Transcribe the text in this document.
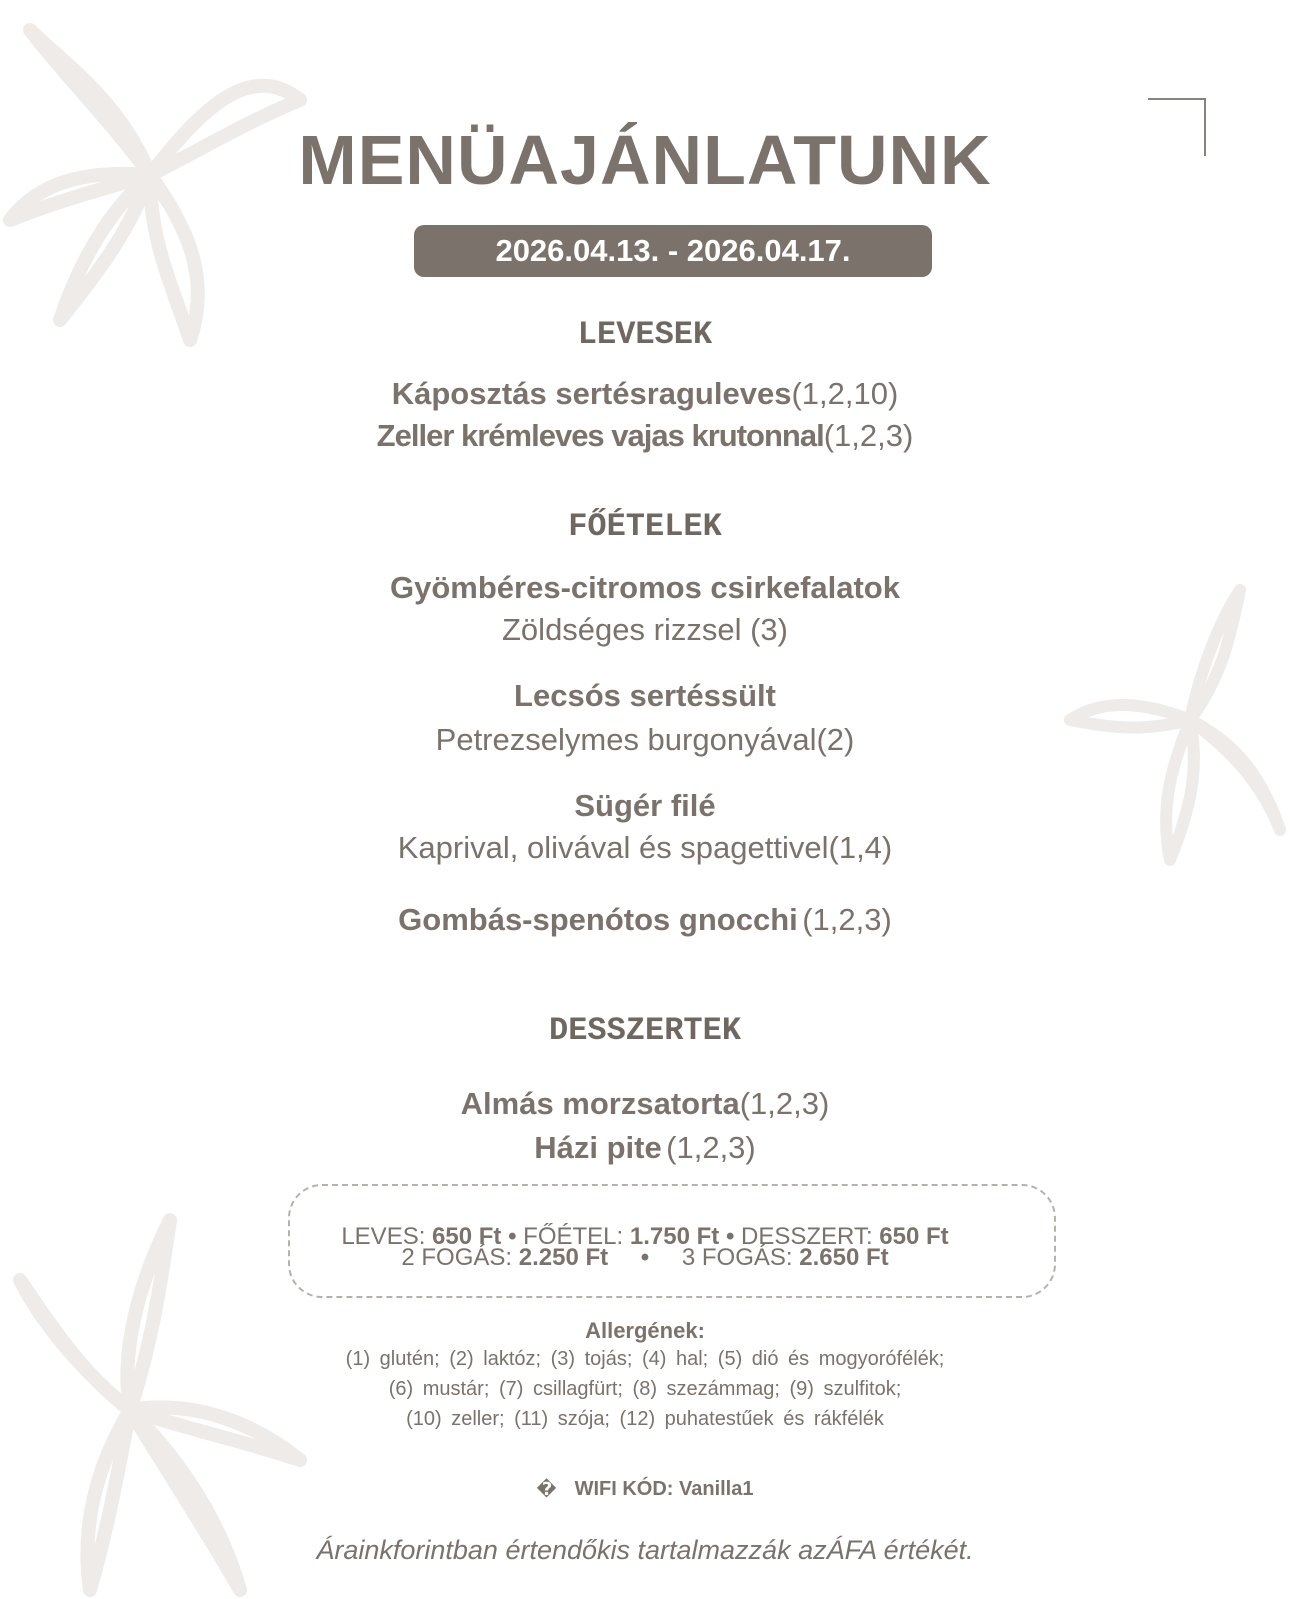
MENÜAJÁNLATUNK
2026.04.13. - 2026.04.17.
LEVESEK
Káposztás sertésraguleves(1,2,10)
Zeller krémleves vajas krutonnal(1,2,3)
FŐÉTELEK
Gyömbéres-citromos csirkefalatok
Zöldséges rizzsel (3)
Lecsós sertéssült
Petrezselymes burgonyával(2)
Sügér filé
Kaprival, olivával és spagettivel(1,4)
Gombás-spenótos gnocchi (1,2,3)
DESSZERTEK
Almás morzsatorta(1,2,3)
Házi pite (1,2,3)
LEVES: 650 Ft • FŐÉTEL: 1.750 Ft • DESSZERT: 650 Ft
2 FOGÁS: 2.250 Ft • 3 FOGÁS: 2.650 Ft
Allergének:
(1) glutén; (2) laktóz; (3) tojás; (4) hal; (5) dió és mogyorófélék;
(6) mustár; (7) csillagfürt; (8) szezámmag; (9) szulfitok;
(10) zeller; (11) szója; (12) puhatestűek és rákfélék
� WIFI KÓD: Vanilla1
Árainkforintban értendőkis tartalmazzák azÁFA értékét.
